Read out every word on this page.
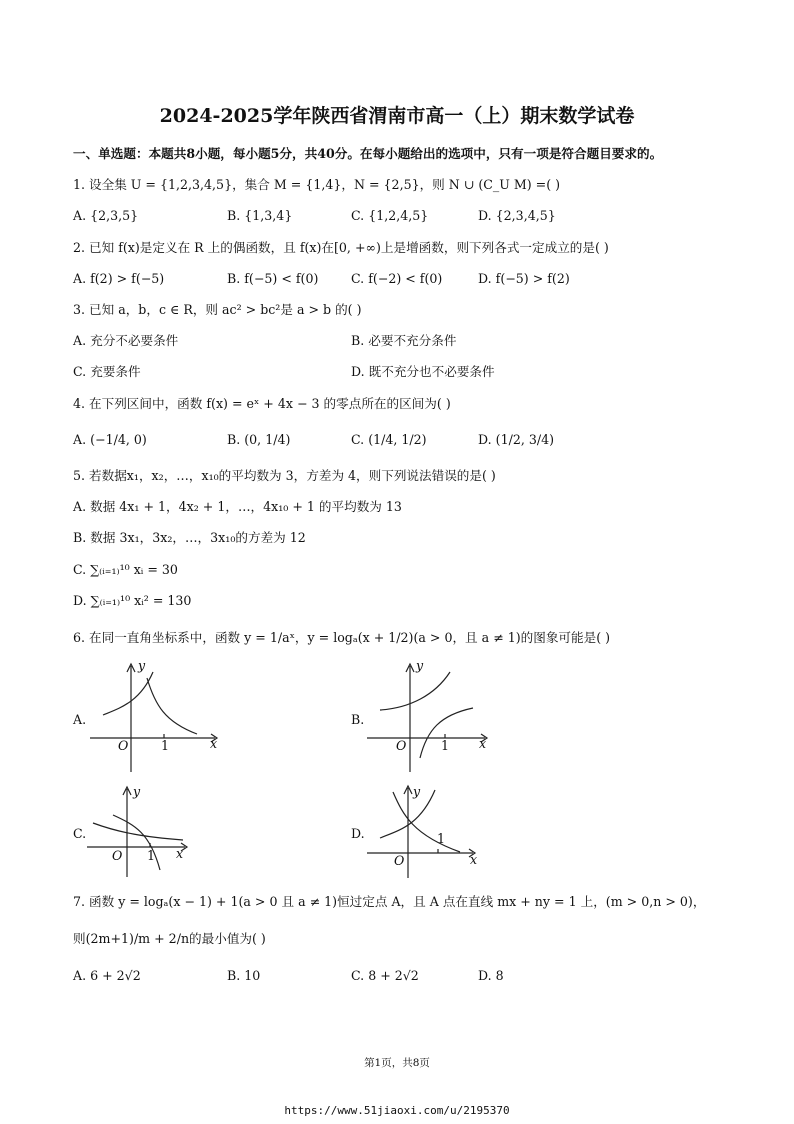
2024-2025学年陕西省渭南市高一（上）期末数学试卷
一、单选题：本题共8小题，每小题5分，共40分。在每小题给出的选项中，只有一项是符合题目要求的。
1. 设全集 U = {1,2,3,4,5}，集合 M = {1,4}，N = {2,5}，则 N ∪ (C_U M) =( )
A. {2,3,5}	B. {1,3,4}	C. {1,2,4,5}	D. {2,3,4,5}
2. 已知 f(x)是定义在 R 上的偶函数，且 f(x)在[0, +∞)上是增函数，则下列各式一定成立的是( )
A. f(2) > f(−5)	B. f(−5) < f(0)	C. f(−2) < f(0)	D. f(−5) > f(2)
3. 已知 a，b，c ∈ R，则 ac² > bc²是 a > b 的( )
A. 充分不必要条件	B. 必要不充分条件
C. 充要条件	D. 既不充分也不必要条件
4. 在下列区间中，函数 f(x) = eˣ + 4x − 3 的零点所在的区间为( )
A. (−1/4, 0)	B. (0, 1/4)	C. (1/4, 1/2)	D. (1/2, 3/4)
5. 若数据x₁，x₂，…，x₁₀的平均数为 3，方差为 4，则下列说法错误的是( )
A. 数据 4x₁ + 1，4x₂ + 1，…，4x₁₀ + 1 的平均数为 13
B. 数据 3x₁，3x₂，…，3x₁₀的方差为 12
C. ∑₍ᵢ₌₁₎¹⁰ xᵢ = 30
D. ∑₍ᵢ₌₁₎¹⁰ xᵢ² = 130
6. 在同一直角坐标系中，函数 y = 1/aˣ，y = logₐ(x + 1/2)(a > 0，且 a ≠ 1)的图象可能是( )
A.	B.
C.	D.
y
O	1	x
y
O	1 x
y
O 1 x
y
O
1
x
7. 函数 y = logₐ(x − 1) + 1(a > 0 且 a ≠ 1)恒过定点 A，且 A 点在直线 mx + ny = 1 上，(m > 0,n > 0)，
则(2m+1)/m + 2/n的最小值为( )
A. 6 + 2√2	B. 10	C. 8 + 2√2	D. 8
第1页，共8页
https://www.51jiaoxi.com/u/2195370
